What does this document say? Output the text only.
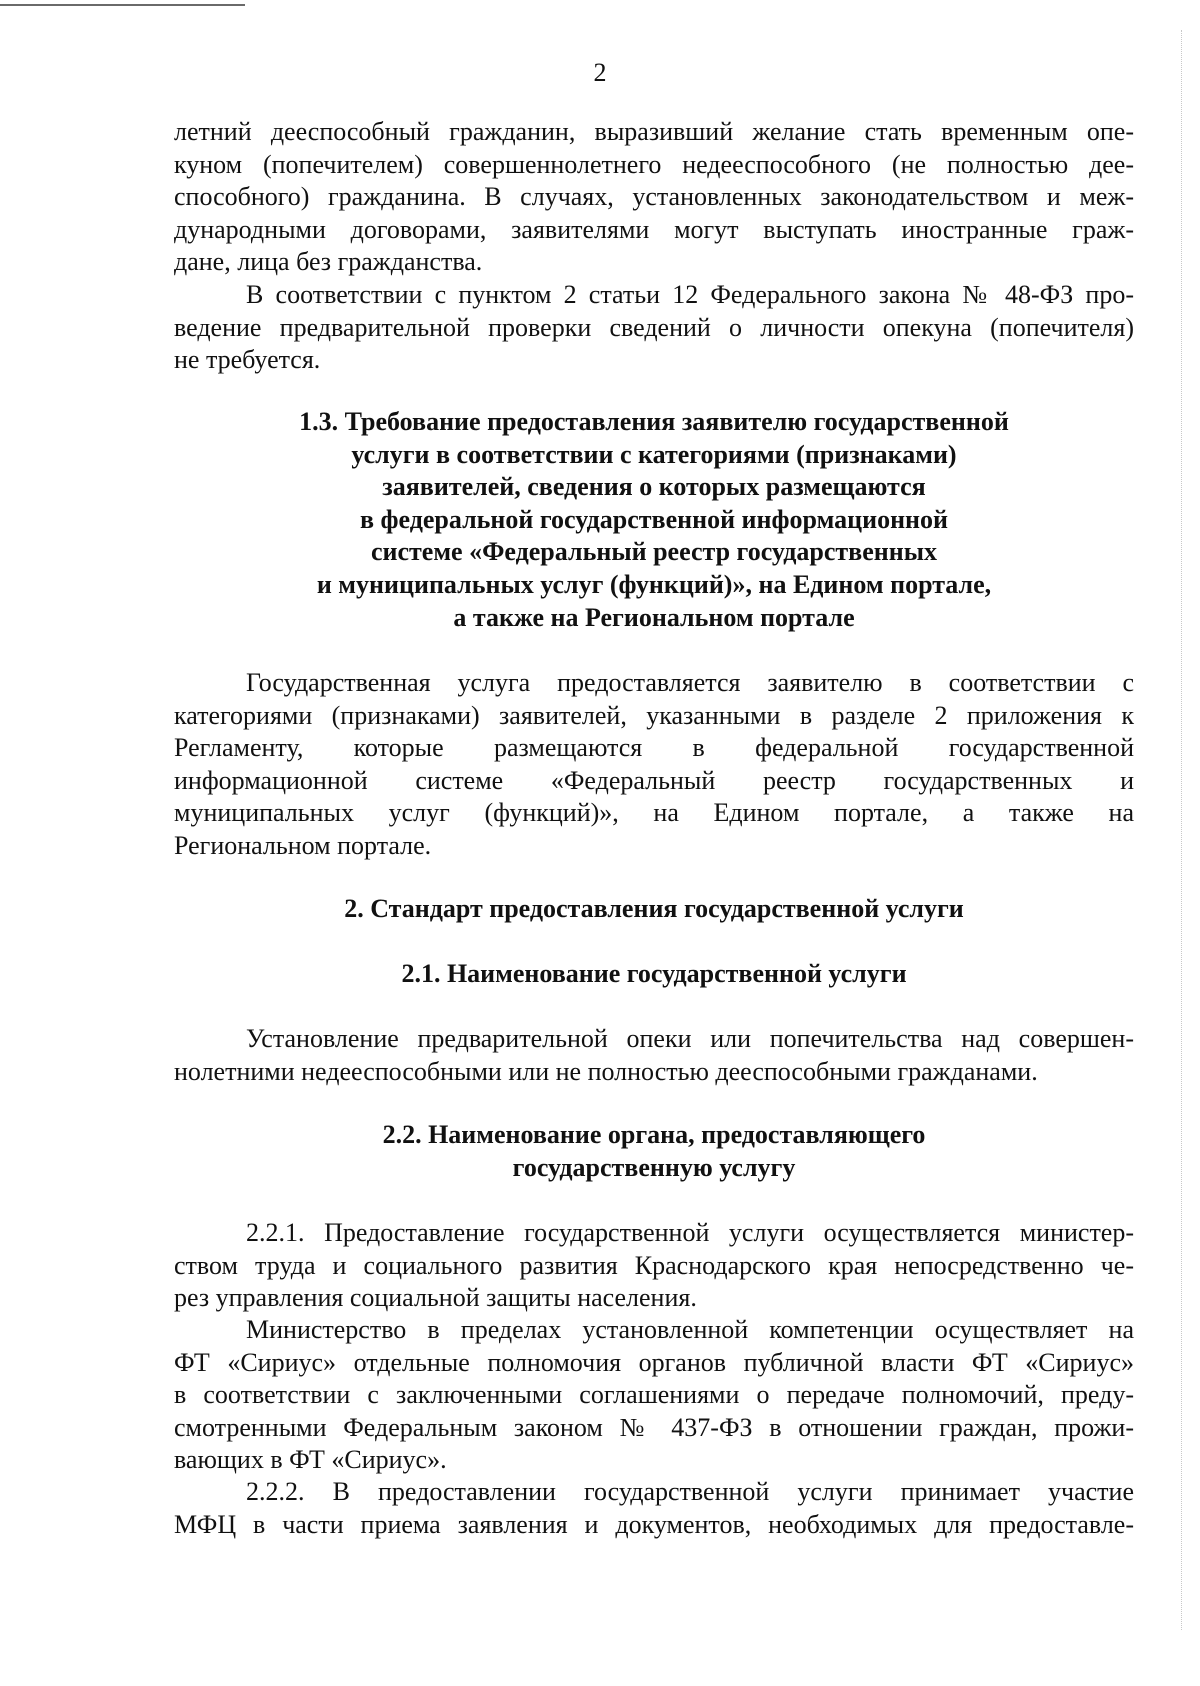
2
летний дееспособный гражданин, выразивший желание стать временным опе-
куном (попечителем) совершеннолетнего недееспособного (не полностью дее-
способного) гражданина. В случаях, установленных законодательством и меж-
дународными договорами, заявителями могут выступать иностранные граж-
дане, лица без гражданства.
В соответствии с пунктом 2 статьи 12 Федерального закона № 48-ФЗ про-
ведение предварительной проверки сведений о личности опекуна (попечителя)
не требуется.
1.3. Требование предоставления заявителю государственной
услуги в соответствии с категориями (признаками)
заявителей, сведения о которых размещаются
в федеральной государственной информационной
системе «Федеральный реестр государственных
и муниципальных услуг (функций)», на Едином портале,
а также на Региональном портале
Государственная услуга предоставляется заявителю в соответствии с
категориями (признаками) заявителей, указанными в разделе 2 приложения к
Регламенту, которые размещаются в федеральной государственной
информационной системе «Федеральный реестр государственных и
муниципальных услуг (функций)», на Едином портале, а также на
Региональном портале.
2. Стандарт предоставления государственной услуги
2.1. Наименование государственной услуги
Установление предварительной опеки или попечительства над совершен-
нолетними недееспособными или не полностью дееспособными гражданами.
2.2. Наименование органа, предоставляющего
государственную услугу
2.2.1. Предоставление государственной услуги осуществляется министер-
ством труда и социального развития Краснодарского края непосредственно че-
рез управления социальной защиты населения.
Министерство в пределах установленной компетенции осуществляет на
ФТ «Сириус» отдельные полномочия органов публичной власти ФТ «Сириус»
в соответствии с заключенными соглашениями о передаче полномочий, преду-
смотренными Федеральным законом № 437-ФЗ в отношении граждан, прожи-
вающих в ФТ «Сириус».
2.2.2. В предоставлении государственной услуги принимает участие
МФЦ в части приема заявления и документов, необходимых для предоставле-
